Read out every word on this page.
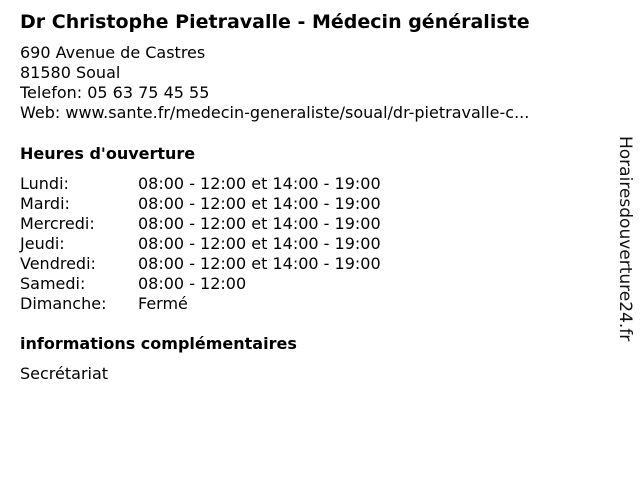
Dr Christophe Pietravalle - Médecin généraliste
690 Avenue de Castres
81580 Soual
Telefon: 05 63 75 45 55
Web: www.sante.fr/medecin-generaliste/soual/dr-pietravalle-c...
Heures d'ouverture
Lundi:	08:00 - 12:00 et 14:00 - 19:00
Mardi:	08:00 - 12:00 et 14:00 - 19:00
Mercredi:	08:00 - 12:00 et 14:00 - 19:00
Jeudi:	08:00 - 12:00 et 14:00 - 19:00
Vendredi:	08:00 - 12:00 et 14:00 - 19:00
Samedi:	08:00 - 12:00
Dimanche:	Fermé
informations complémentaires
Secrétariat
Horairesdouverture24.fr
